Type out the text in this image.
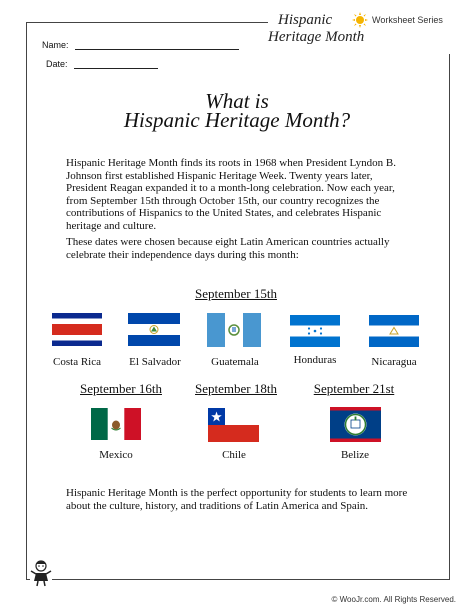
Hispanic
Heritage Month
Worksheet Series
Name:
Date:
What is
Hispanic Heritage Month?

Hispanic Heritage Month finds its roots in 1968 when President Lyndon B. Johnson first established Hispanic Heritage Week. Twenty years later, President Reagan expanded it to a month-long celebration. Now each year, from September 15th through October 15th, our country recognizes the contributions of Hispanics to the United States, and celebrates Hispanic heritage and culture.

These dates were chosen because eight Latin American countries actually celebrate their independence days during this month:

September 15th
Costa Rica	El Salvador	Guatemala	Honduras	Nicaragua
September 16th	September 18th	September 21st
Mexico	Chile	Belize

Hispanic Heritage Month is the perfect opportunity for students to learn more about the culture, history, and traditions of Latin America and Spain.

© WooJr.com. All Rights Reserved.
